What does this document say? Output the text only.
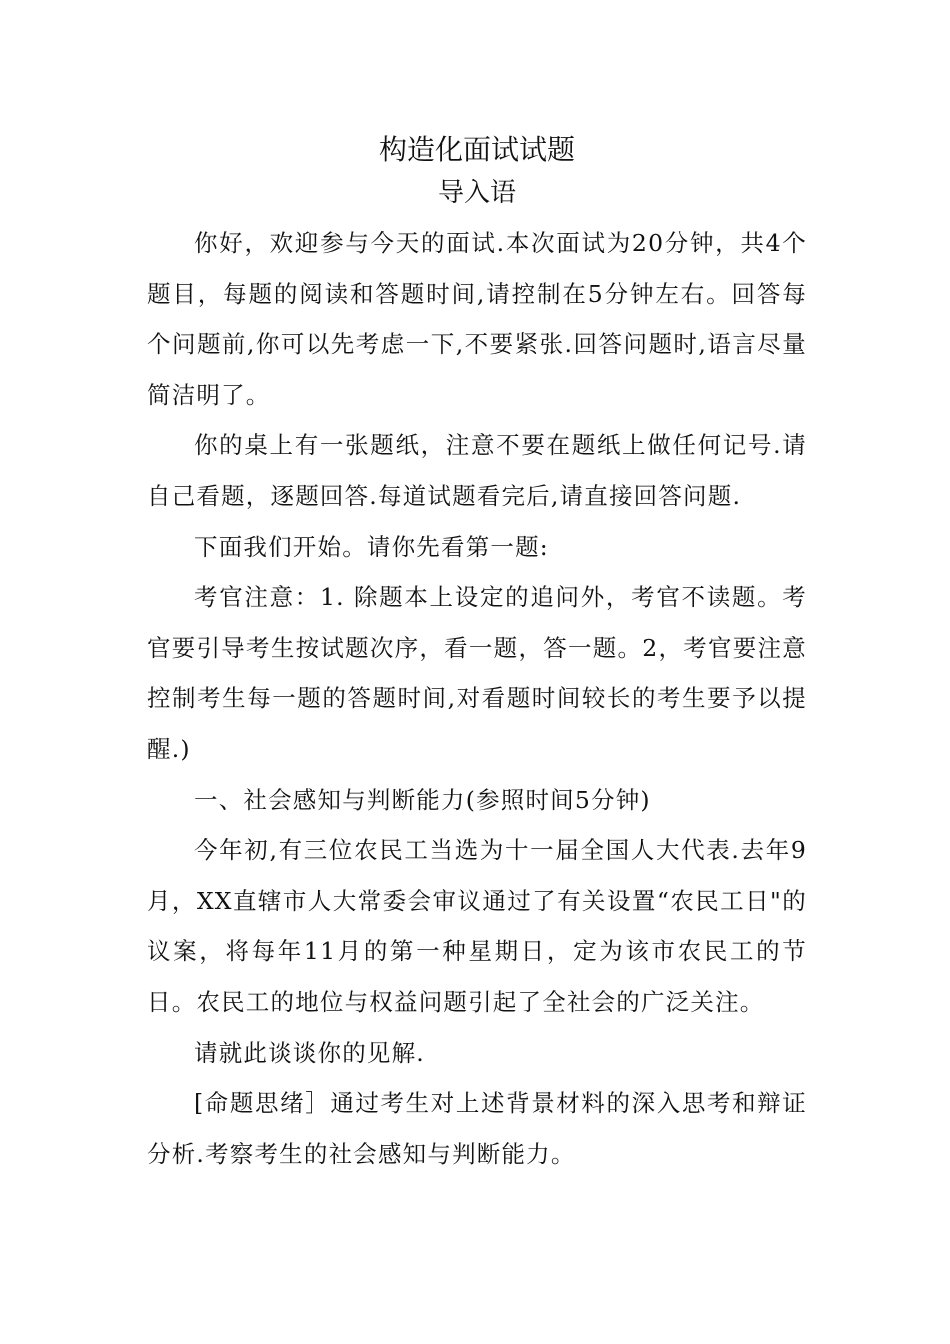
构造化面试试题
导入语

你好，欢迎参与今天的面试.本次面试为20分钟，共4个题目，每题的阅读和答题时间,请控制在5分钟左右。回答每个问题前,你可以先考虑一下,不要紧张.回答问题时,语言尽量简洁明了。

你的桌上有一张题纸，注意不要在题纸上做任何记号.请自己看题，逐题回答.每道试题看完后,请直接回答问题.

下面我们开始。请你先看第一题:

考官注意：1. 除题本上设定的追问外，考官不读题。考官要引导考生按试题次序，看一题，答一题。2，考官要注意控制考生每一题的答题时间,对看题时间较长的考生要予以提醒.)

一、社会感知与判断能力(参照时间5分钟)

今年初,有三位农民工当选为十一届全国人大代表.去年9月，XX直辖市人大常委会审议通过了有关设置“农民工日"的议案，将每年11月的第一种星期日，定为该市农民工的节日。农民工的地位与权益问题引起了全社会的广泛关注。

请就此谈谈你的见解.

[命题思绪］通过考生对上述背景材料的深入思考和辩证分析.考察考生的社会感知与判断能力。
